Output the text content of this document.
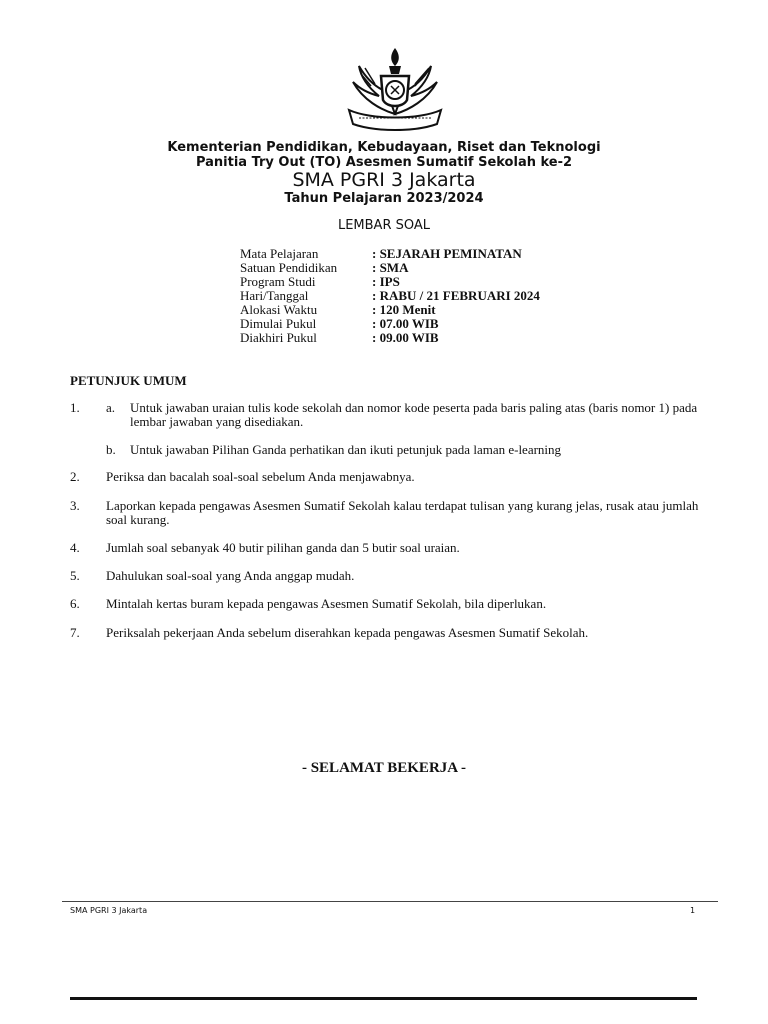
Kementerian Pendidikan, Kebudayaan, Riset dan Teknologi
Panitia Try Out (TO) Asesmen Sumatif Sekolah ke-2
SMA PGRI 3 Jakarta
Tahun Pelajaran 2023/2024
LEMBAR SOAL
Mata Pelajaran	: SEJARAH PEMINATAN
Satuan Pendidikan	: SMA
Program Studi	: IPS
Hari/Tanggal	: RABU / 21 FEBRUARI 2024
Alokasi Waktu	: 120 Menit
Dimulai Pukul	: 07.00 WIB
Diakhiri Pukul	: 09.00 WIB
PETUNJUK UMUM
1. a. Untuk jawaban uraian tulis kode sekolah dan nomor kode peserta pada baris paling atas (baris nomor 1) pada lembar jawaban yang disediakan.
b. Untuk jawaban Pilihan Ganda perhatikan dan ikuti petunjuk pada laman e-learning
2. Periksa dan bacalah soal-soal sebelum Anda menjawabnya.
3. Laporkan kepada pengawas Asesmen Sumatif Sekolah kalau terdapat tulisan yang kurang jelas, rusak atau jumlah soal kurang.
4. Jumlah soal sebanyak 40 butir pilihan ganda dan 5 butir soal uraian.
5. Dahulukan soal-soal yang Anda anggap mudah.
6. Mintalah kertas buram kepada pengawas Asesmen Sumatif Sekolah, bila diperlukan.
7. Periksalah pekerjaan Anda sebelum diserahkan kepada pengawas Asesmen Sumatif Sekolah.
- SELAMAT BEKERJA -
SMA PGRI 3 Jakarta	1
